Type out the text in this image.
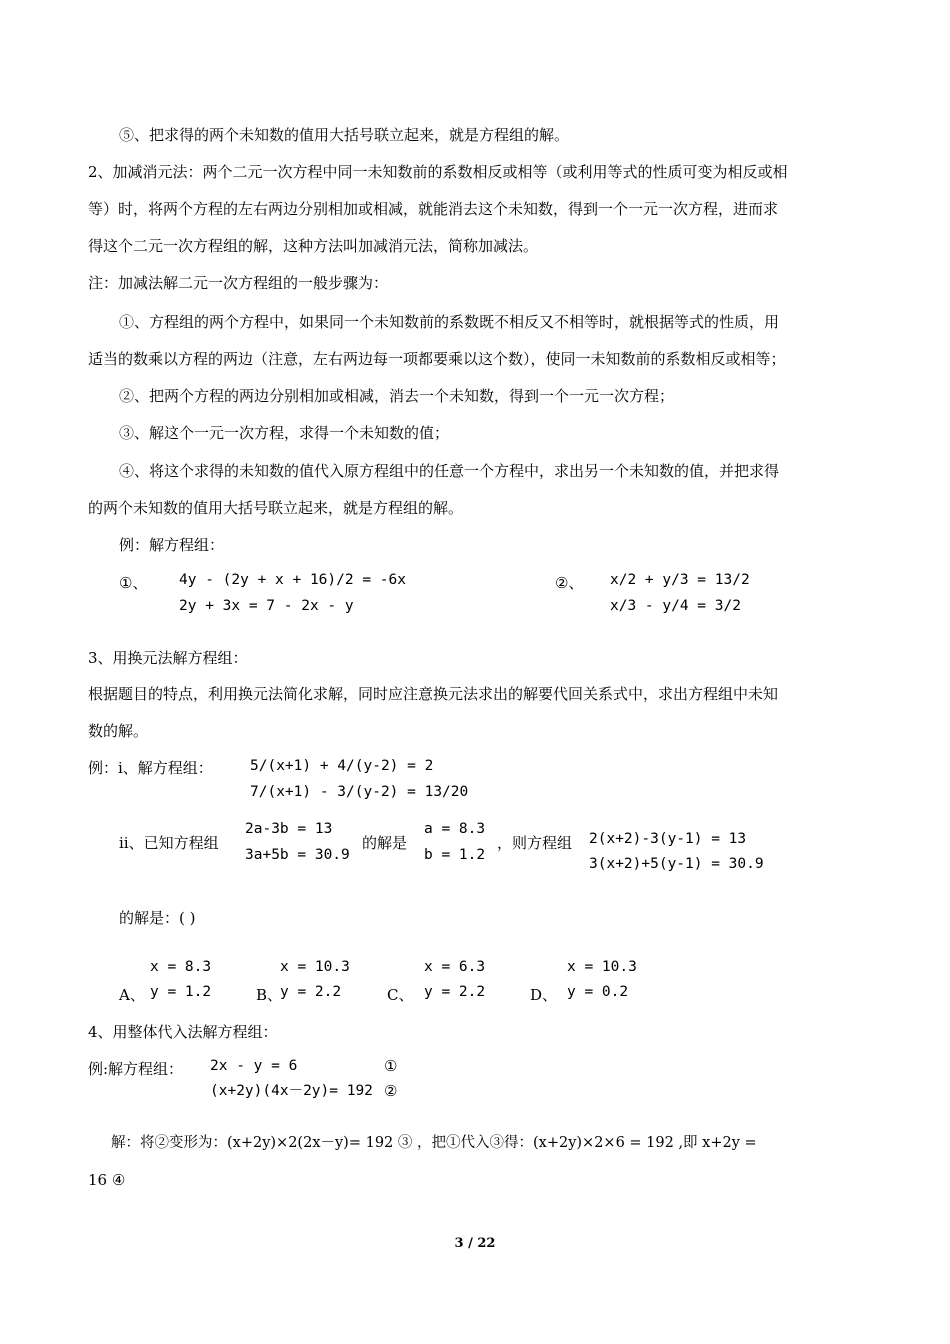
⑤、把求得的两个未知数的值用大括号联立起来，就是方程组的解。
2、加减消元法：两个二元一次方程中同一未知数前的系数相反或相等（或利用等式的性质可变为相反或相
等）时，将两个方程的左右两边分别相加或相减，就能消去这个未知数，得到一个一元一次方程，进而求
得这个二元一次方程组的解，这种方法叫加减消元法，简称加减法。
注：加减法解二元一次方程组的一般步骤为：
①、方程组的两个方程中，如果同一个未知数前的系数既不相反又不相等时，就根据等式的性质，用
适当的数乘以方程的两边（注意，左右两边每一项都要乘以这个数），使同一未知数前的系数相反或相等；
②、把两个方程的两边分别相加或相减，消去一个未知数，得到一个一元一次方程；
③、解这个一元一次方程，求得一个未知数的值；
④、将这个求得的未知数的值代入原方程组中的任意一个方程中，求出另一个未知数的值，并把求得
的两个未知数的值用大括号联立起来，就是方程组的解。
例：解方程组：
①、 4y - (2y + x + 16)/2 = -6x
2y + 3x = 7 - 2x - y
②、 x/2 + y/3 = 13/2
x/3 - y/4 = 3/2
3、用换元法解方程组：
根据题目的特点，利用换元法简化求解，同时应注意换元法求出的解要代回关系式中，求出方程组中未知
数的解。
例：ⅰ、解方程组：	5/(x+1) + 4/(y-2) = 2
7/(x+1) - 3/(y-2) = 13/20
ⅱ、已知方程组
2a-3b = 13
3a+5b = 30.9
的解是
a = 8.3
b = 1.2
，则方程组 2(x+2)-3(y-1) = 13
3(x+2)+5(y-1) = 30.9
的解是：( )
A、
x = 8.3
y = 1.2	B、
x = 10.3
y = 2.2	C、
x = 6.3
y = 2.2	D、
x = 10.3
y = 0.2
4、用整体代入法解方程组：
例:解方程组： 2x - y = 6	①
(x+2y)(4x－2y)= 192 ②
解：将②变形为：(x+2y)×2(2x－y)= 192 ③ ，把①代入③得：(x+2y)×2×6 = 192 ,即 x+2y =
16 ④
3 / 22
